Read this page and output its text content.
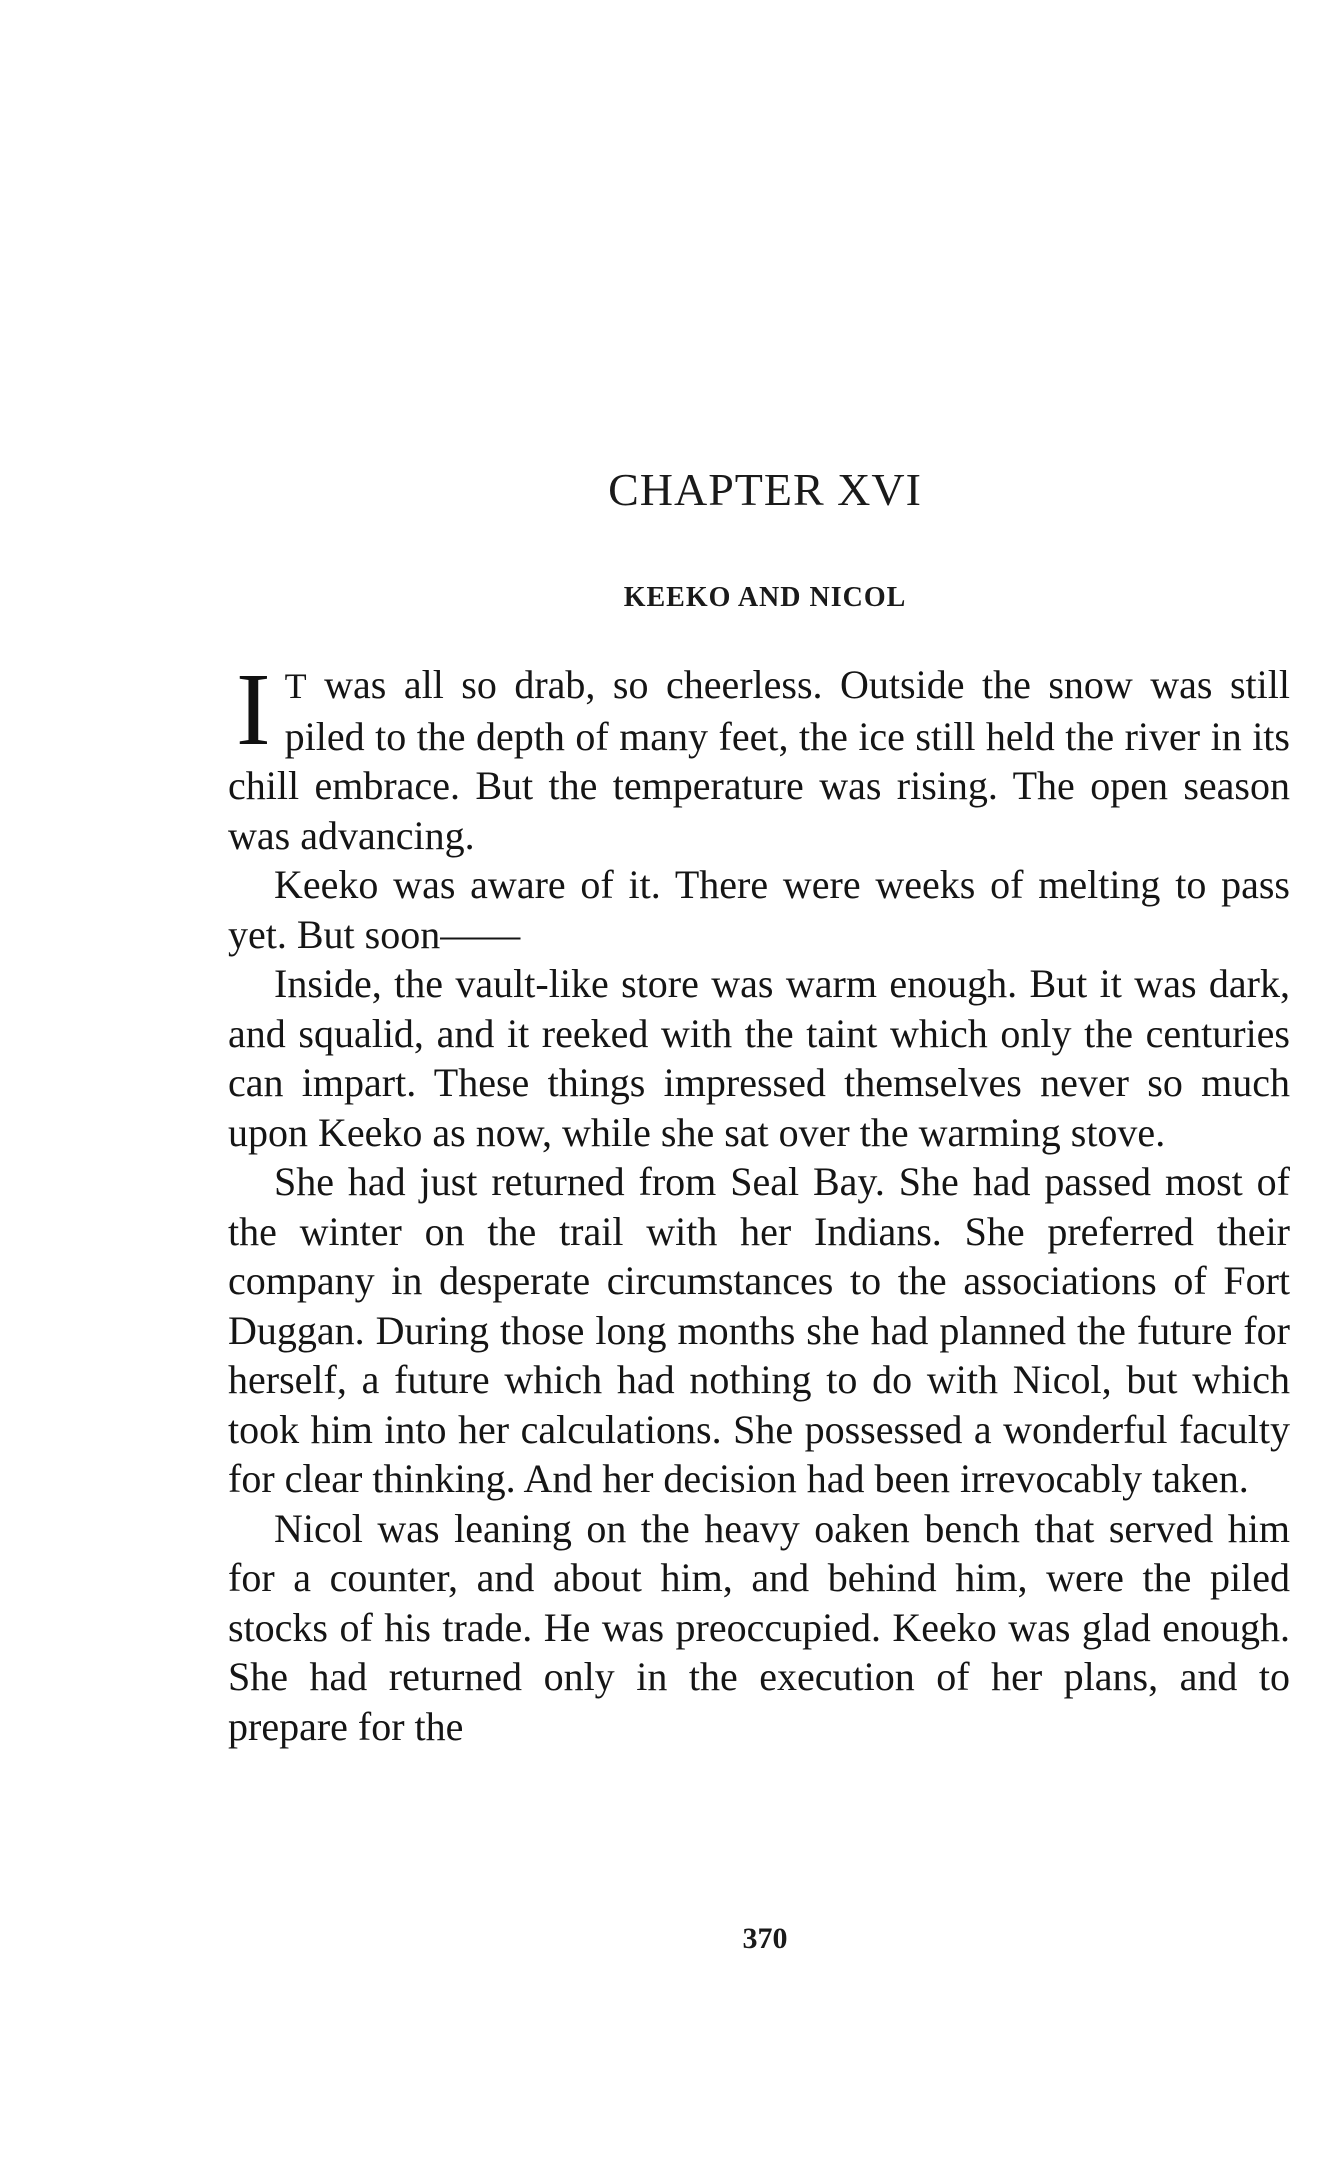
CHAPTER XVI
KEEKO AND NICOL

I T was all so drab, so cheerless. Outside the snow was still piled to the depth of many feet, the ice still held the river in its chill embrace. But the temperature was rising. The open season was advancing.

Keeko was aware of it. There were weeks of melting to pass yet. But soon——

Inside, the vault-like store was warm enough. But it was dark, and squalid, and it reeked with the taint which only the centuries can impart. These things impressed themselves never so much upon Keeko as now, while she sat over the warming stove.

She had just returned from Seal Bay. She had passed most of the winter on the trail with her Indians. She preferred their company in desperate circumstances to the associations of Fort Duggan. During those long months she had planned the future for herself, a future which had nothing to do with Nicol, but which took him into her calculations. She possessed a wonderful faculty for clear thinking. And her decision had been irrevocably taken.

Nicol was leaning on the heavy oaken bench that served him for a counter, and about him, and behind him, were the piled stocks of his trade. He was preoccupied. Keeko was glad enough. She had returned only in the execution of her plans, and to prepare for the

370
